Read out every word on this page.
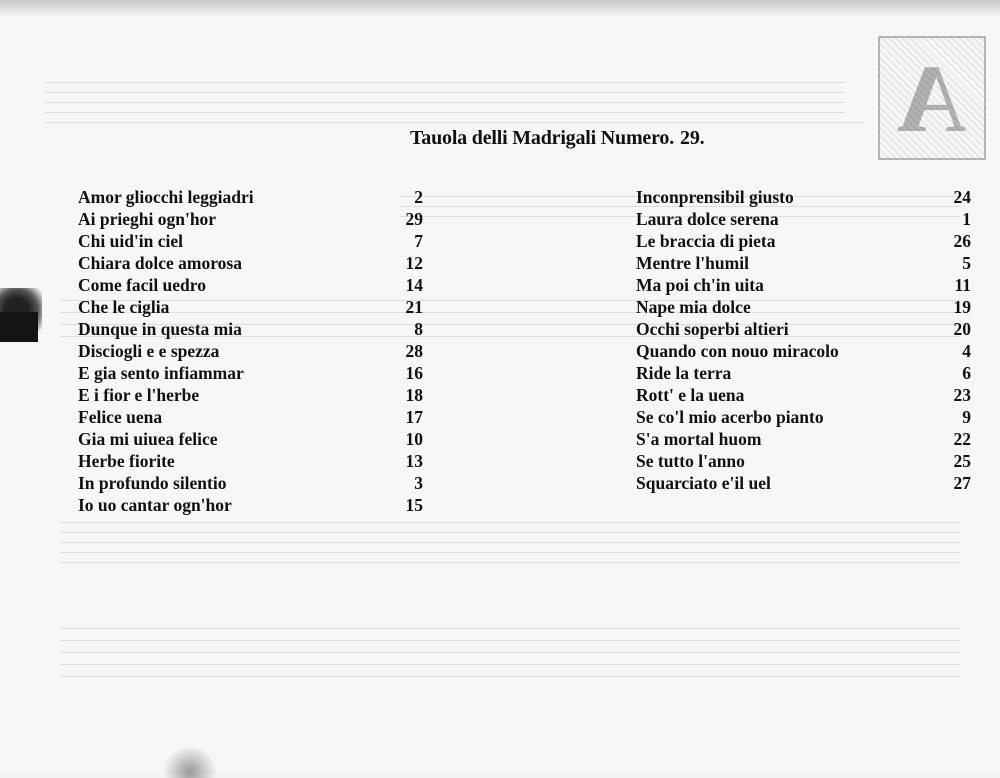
A
Tauola delli Madrigali Numero. 29.
Amor gliocchi leggiadri	2
Ai prieghi ogn'hor	29
Chi uid'in ciel	7
Chiara dolce amorosa	12
Come facil uedro	14
Che le ciglia	21
Dunque in questa mia	8
Disciogli e e spezza	28
E gia sento infiammar	16
E i fior e l'herbe	18
Felice uena	17
Gia mi uiuea felice	10
Herbe fiorite	13
In profundo silentio	3
Io uo cantar ogn'hor	15
Inconprensibil giusto	24
Laura dolce serena	1
Le braccia di pieta	26
Mentre l'humil	5
Ma poi ch'in uita	11
Nape mia dolce	19
Occhi soperbi altieri	20
Quando con nouo miracolo	4
Ride la terra	6
Rott' e la uena	23
Se co'l mio acerbo pianto	9
S'a mortal huom	22
Se tutto l'anno	25
Squarciato e'il uel	27
